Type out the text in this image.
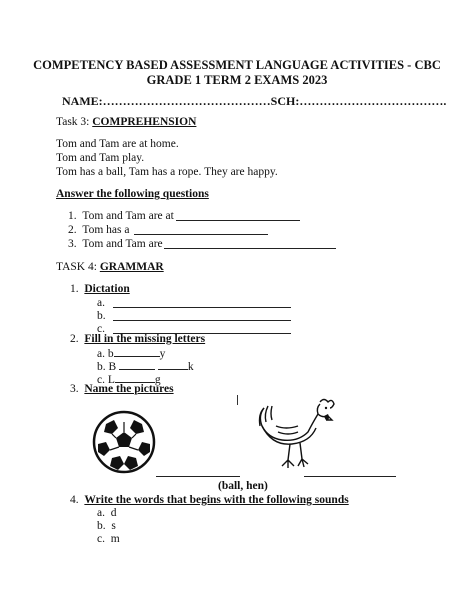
COMPETENCY BASED ASSESSMENT LANGUAGE ACTIVITIES - CBC
GRADE 1 TERM 2 EXAMS 2023
NAME:……………………………………SCH:……………………………….
Task 3: COMPREHENSION
Tom and Tam are at home.
Tom and Tam play.
Tom has a ball, Tam has a rope. They are happy.
Answer the following questions
1. Tom and Tam are at
2. Tom has a
3. Tom and Tam are
TASK 4: GRAMMAR
1. Dictation
a.
b.
c.
2. Fill in the missing letters
a. b	y
b. B	k
c. L	g
3. Name the pictures
(ball, hen)
4. Write the words that begins with the following sounds
a. d
b. s
c. m
